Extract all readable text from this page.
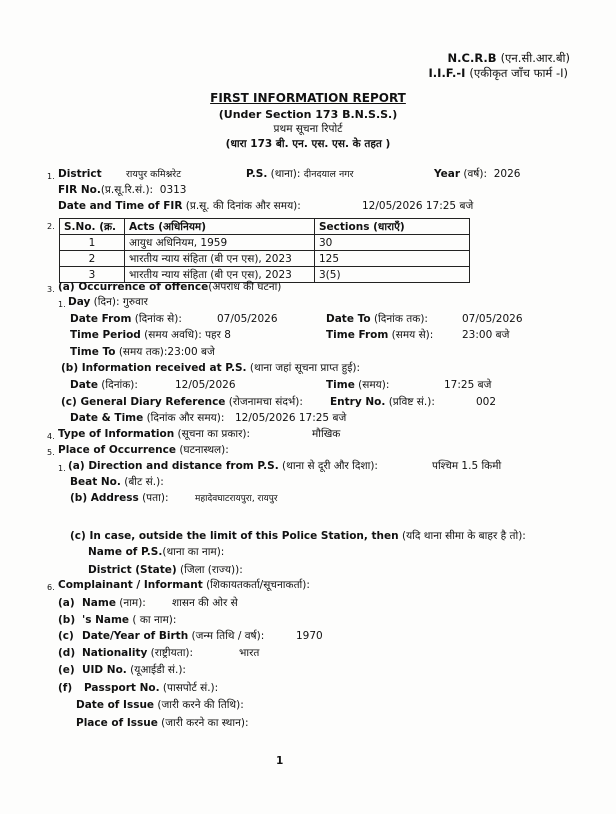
N.C.R.B (एन.सी.आर.बी)
I.I.F.-I (एकीकृत जाँच फार्म -I)
FIRST INFORMATION REPORT
(Under Section 173 B.N.S.S.)
प्रथम सूचना रिपोर्ट
(धारा 173 बी. एन. एस. एस. के तहत )
1. District	रायपुर कमिश्नरेट	P.S. (थाना): दीनदयाल नगर	Year (वर्ष): 2026
FIR No.(प्र.सू.रि.सं.): 0313
Date and Time of FIR (प्र.सू. की दिनांक और समय):	12/05/2026 17:25 बजे
2. S.No. (क्र.	Acts (अधिनियम)	Sections (धाराएँ)
1	आयुध अधिनियम, 1959	30
2	भारतीय न्याय संहिता (बी एन एस), 2023	125
3	भारतीय न्याय संहिता (बी एन एस), 2023	3(5)
3. (a) Occurrence of offence(अपराध की घटना)
1. Day (दिन): गुरुवार
Date From (दिनांक से):	07/05/2026	Date To (दिनांक तक):	07/05/2026
Time Period (समय अवधि): पहर 8	Time From (समय से):	23:00 बजे
Time To (समय तक):23:00 बजे
(b) Information received at P.S. (थाना जहां सूचना प्राप्त हुई):
Date (दिनांक):	12/05/2026	Time (समय):	17:25 बजे
(c) General Diary Reference (रोजनामचा संदर्भ):	Entry No. (प्रविष्ट सं.):	002
Date & Time (दिनांक और समय): 12/05/2026 17:25 बजे
4. Type of Information (सूचना का प्रकार):	मौखिक
5. Place of Occurrence (घटनास्थल):
1. (a) Direction and distance from P.S. (थाना से दूरी और दिशा):	पश्चिम 1.5 किमी
Beat No. (बीट सं.):
(b) Address (पता):	महादेवघाटरायपुरा, रायपुर
(c) In case, outside the limit of this Police Station, then (यदि थाना सीमा के बाहर है तो):
Name of P.S.(थाना का नाम):
District (State) (जिला (राज्य)):
6. Complainant / Informant (शिकायतकर्ता/सूचनाकर्ता):
(a) Name (नाम): शासन की ओर से
(b) 's Name ( का नाम):
(c) Date/Year of Birth (जन्म तिथि / वर्ष):	1970
(d) Nationality (राष्ट्रीयता):	भारत
(e) UID No. (यूआईडी सं.):
(f) Passport No. (पासपोर्ट सं.):
Date of Issue (जारी करने की तिथि):
Place of Issue (जारी करने का स्थान):
1
